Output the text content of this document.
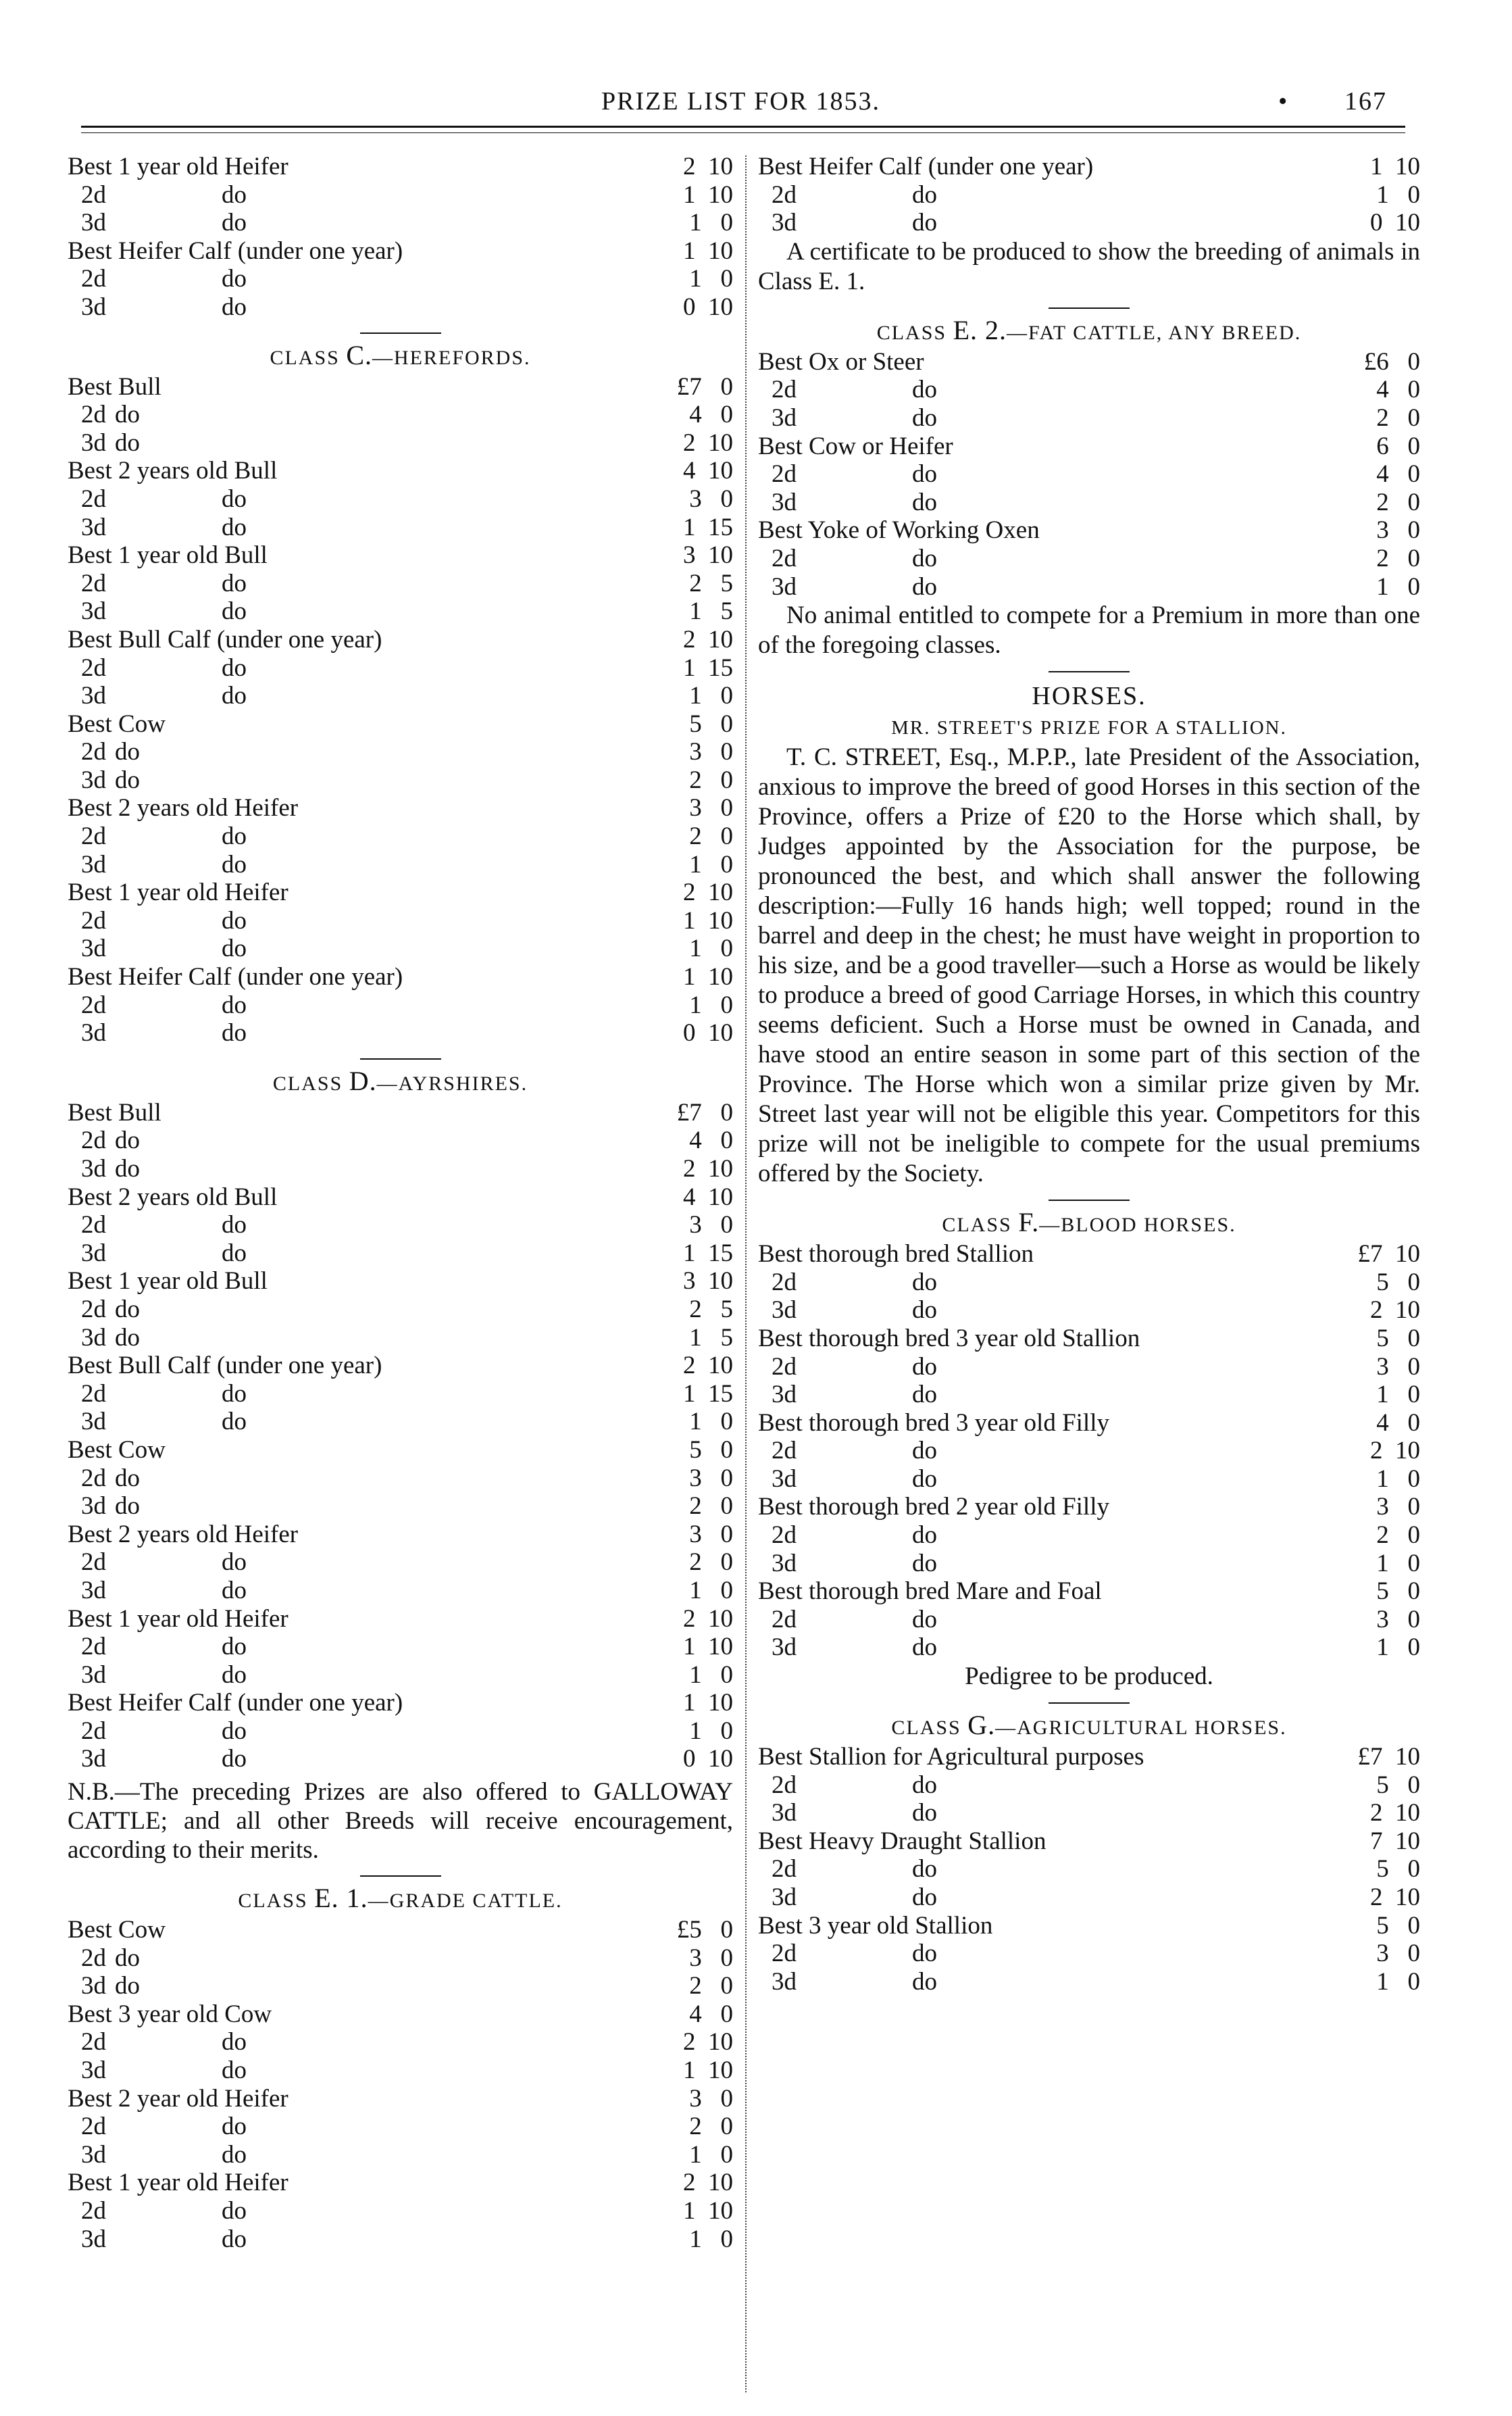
PRIZE LIST FOR 1853.	• 167
Best 1 year old Heifer	2  10
2d	do	1  10
3d	do	1   0
Best Heifer Calf (under one year)	1  10
2d	do	1   0
3d	do	0  10
CLASS C.—HEREFORDS.
Best Bull	£7   0
2d do	4   0
3d do	2  10
Best 2 years old Bull	4  10
2d	do	3   0
3d	do	1  15
Best 1 year old Bull	3  10
2d	do	2   5
3d	do	1   5
Best Bull Calf (under one year)	2  10
2d	do	1  15
3d	do	1   0
Best Cow	5   0
2d do	3   0
3d do	2   0
Best 2 years old Heifer	3   0
2d	do	2   0
3d	do	1   0
Best 1 year old Heifer	2  10
2d	do	1  10
3d	do	1   0
Best Heifer Calf (under one year)	1  10
2d	do	1   0
3d	do	0  10
CLASS D.—AYRSHIRES.
Best Bull	£7   0
2d do	4   0
3d do	2  10
Best 2 years old Bull	4  10
2d	do	3   0
3d	do	1  15
Best 1 year old Bull	3  10
2d do	2   5
3d do	1   5
Best Bull Calf (under one year)	2  10
2d	do	1  15
3d	do	1   0
Best Cow	5   0
2d do	3   0
3d do	2   0
Best 2 years old Heifer	3   0
2d	do	2   0
3d	do	1   0
Best 1 year old Heifer	2  10
2d	do	1  10
3d	do	1   0
Best Heifer Calf (under one year)	1  10
2d	do	1   0
3d	do	0  10
N.B.—The preceding Prizes are also offered to GALLOWAY CATTLE; and all other Breeds will receive encouragement, according to their merits.
CLASS E. 1.—GRADE CATTLE.
Best Cow	£5   0
2d do	3   0
3d do	2   0
Best 3 year old Cow	4   0
2d	do	2  10
3d	do	1  10
Best 2 year old Heifer	3   0
2d	do	2   0
3d	do	1   0
Best 1 year old Heifer	2  10
2d	do	1  10
3d	do	1   0
Best Heifer Calf (under one year)	1  10
2d	do	1   0
3d	do	0  10
A certificate to be produced to show the breeding of animals in Class E. 1.
CLASS E. 2.—FAT CATTLE, ANY BREED.
Best Ox or Steer	£6   0
2d	do	4   0
3d	do	2   0
Best Cow or Heifer	6   0
2d	do	4   0
3d	do	2   0
Best Yoke of Working Oxen	3   0
2d	do	2   0
3d	do	1   0
No animal entitled to compete for a Premium in more than one of the foregoing classes.
HORSES.
MR. STREET'S PRIZE FOR A STALLION.
T. C. STREET, Esq., M.P.P., late President of the Association, anxious to improve the breed of good Horses in this section of the Province, offers a Prize of £20 to the Horse which shall, by Judges appointed by the Association for the purpose, be pronounced the best, and which shall answer the following description:—Fully 16 hands high; well topped; round in the barrel and deep in the chest; he must have weight in proportion to his size, and be a good traveller—such a Horse as would be likely to produce a breed of good Carriage Horses, in which this country seems deficient. Such a Horse must be owned in Canada, and have stood an entire season in some part of this section of the Province. The Horse which won a similar prize given by Mr. Street last year will not be eligible this year. Competitors for this prize will not be ineligible to compete for the usual premiums offered by the Society.
CLASS F.—BLOOD HORSES.
Best thorough bred Stallion	£7  10
2d	do	5   0
3d	do	2  10
Best thorough bred 3 year old Stallion	5   0
2d	do	3   0
3d	do	1   0
Best thorough bred 3 year old Filly	4   0
2d	do	2  10
3d	do	1   0
Best thorough bred 2 year old Filly	3   0
2d	do	2   0
3d	do	1   0
Best thorough bred Mare and Foal	5   0
2d	do	3   0
3d	do	1   0
Pedigree to be produced.
CLASS G.—AGRICULTURAL HORSES.
Best Stallion for Agricultural purposes	£7  10
2d	do	5   0
3d	do	2  10
Best Heavy Draught Stallion	7  10
2d	do	5   0
3d	do	2  10
Best 3 year old Stallion	5   0
2d	do	3   0
3d	do	1   0
